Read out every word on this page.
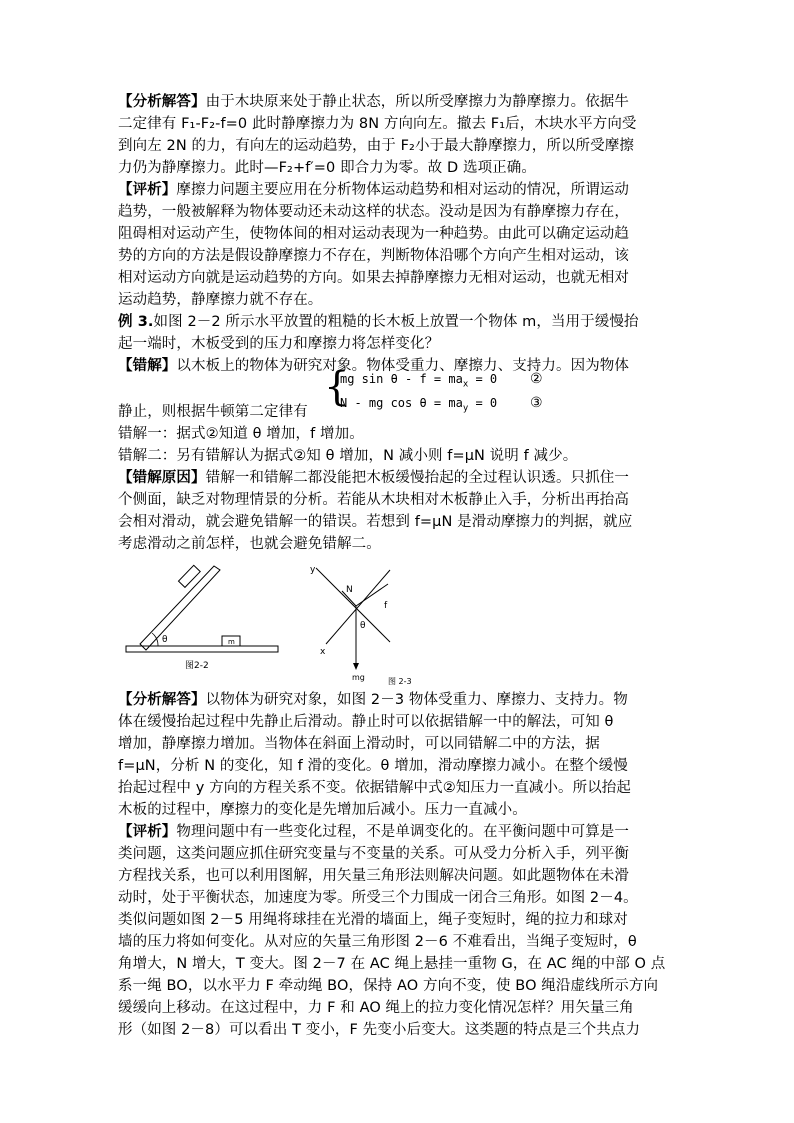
【分析解答】由于木块原来处于静止状态，所以所受摩擦力为静摩擦力。依据牛
二定律有 F₁-F₂-f=0 此时静摩擦力为 8N 方向向左。撤去 F₁后，木块水平方向受
到向左 2N 的力，有向左的运动趋势，由于 F₂小于最大静摩擦力，所以所受摩擦
力仍为静摩擦力。此时—F₂+f′=0 即合力为零。故 D 选项正确。
【评析】摩擦力问题主要应用在分析物体运动趋势和相对运动的情况，所谓运动
趋势，一般被解释为物体要动还未动这样的状态。没动是因为有静摩擦力存在，
阻碍相对运动产生，使物体间的相对运动表现为一种趋势。由此可以确定运动趋
势的方向的方法是假设静摩擦力不存在，判断物体沿哪个方向产生相对运动，该
相对运动方向就是运动趋势的方向。如果去掉静摩擦力无相对运动，也就无相对
运动趋势，静摩擦力就不存在。
例 3.如图 2－2 所示水平放置的粗糙的长木板上放置一个物体 m，当用于缓慢抬
起一端时，木板受到的压力和摩擦力将怎样变化？
【错解】以木板上的物体为研究对象。物体受重力、摩擦力、支持力。因为物体
{
mg $\sin \theta - f = ma_x = 0$ ②
N - mg $\cos \theta = ma_y = 0$ ③
静止，则根据牛顿第二定律有
错解一：据式②知道 θ 增加，f 增加。
错解二：另有错解认为据式②知 θ 增加，N 减小则 f=μN 说明 f 减少。
【错解原因】错解一和错解二都没能把木板缓慢抬起的全过程认识透。只抓住一
个侧面，缺乏对物理情景的分析。若能从木块相对木板静止入手，分析出再抬高
会相对滑动，就会避免错解一的错误。若想到 f=μN 是滑动摩擦力的判据，就应
考虑滑动之前怎样，也就会避免错解二。
θ	m
图2-2
y
x
N
f
mg
θ
图 2-3
【分析解答】以物体为研究对象，如图 2－3 物体受重力、摩擦力、支持力。物
体在缓慢抬起过程中先静止后滑动。静止时可以依据错解一中的解法，可知 θ
增加，静摩擦力增加。当物体在斜面上滑动时，可以同错解二中的方法，据
f=μN，分析 N 的变化，知 f 滑的变化。θ 增加，滑动摩擦力减小。在整个缓慢
抬起过程中 y 方向的方程关系不变。依据错解中式②知压力一直减小。所以抬起
木板的过程中，摩擦力的变化是先增加后减小。压力一直减小。
【评析】物理问题中有一些变化过程，不是单调变化的。在平衡问题中可算是一
类问题，这类问题应抓住研究变量与不变量的关系。可从受力分析入手，列平衡
方程找关系，也可以利用图解，用矢量三角形法则解决问题。如此题物体在未滑
动时，处于平衡状态，加速度为零。所受三个力围成一闭合三角形。如图 2－4。
类似问题如图 2－5 用绳将球挂在光滑的墙面上，绳子变短时，绳的拉力和球对
墙的压力将如何变化。从对应的矢量三角形图 2－6 不难看出，当绳子变短时，θ
角增大，N 增大，T 变大。图 2－7 在 AC 绳上悬挂一重物 G，在 AC 绳的中部 O 点
系一绳 BO，以水平力 F 牵动绳 BO，保持 AO 方向不变，使 BO 绳沿虚线所示方向
缓缓向上移动。在这过程中，力 F 和 AO 绳上的拉力变化情况怎样？用矢量三角
形（如图 2－8）可以看出 T 变小，F 先变小后变大。这类题的特点是三个共点力
